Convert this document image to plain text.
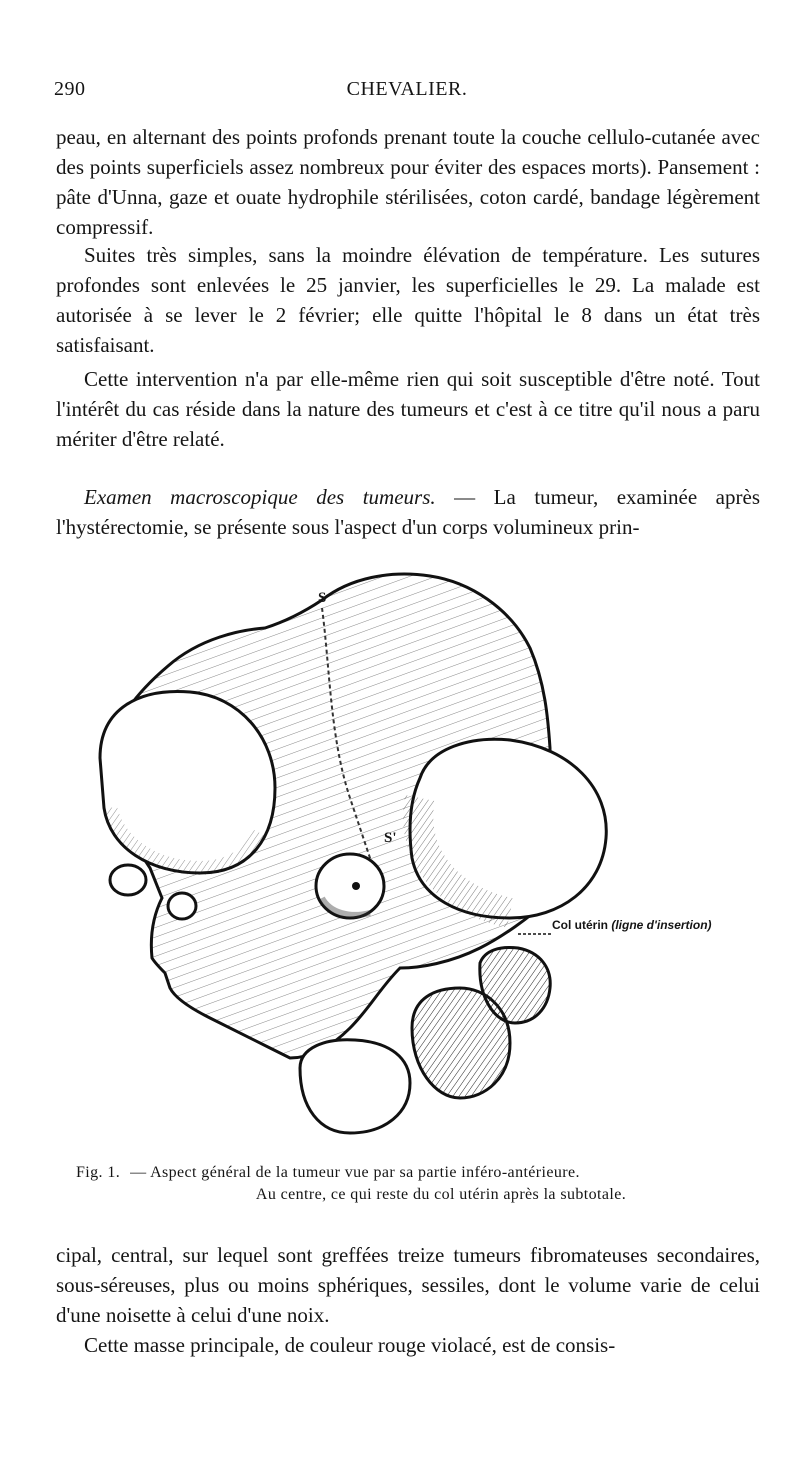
290	CHEVALIER.

peau, en alternant des points profonds prenant toute la couche cellulo-cutanée avec des points superficiels assez nombreux pour éviter des espaces morts). Pansement : pâte d'Unna, gaze et ouate hydrophile stérilisées, coton cardé, bandage légèrement compressif.

Suites très simples, sans la moindre élévation de température. Les sutures profondes sont enlevées le 25 janvier, les superficielles le 29. La malade est autorisée à se lever le 2 février; elle quitte l'hôpital le 8 dans un état très satisfaisant.

Cette intervention n'a par elle-même rien qui soit susceptible d'être noté. Tout l'intérêt du cas réside dans la nature des tumeurs et c'est à ce titre qu'il nous a paru mériter d'être relaté.

Examen macroscopique des tumeurs. — La tumeur, examinée après l'hystérectomie, se présente sous l'aspect d'un corps volumineux prin-

S
S'
Col utérin (ligne d'insertion)
Fig. 1. — Aspect général de la tumeur vue par sa partie inféro-antérieure.
Au centre, ce qui reste du col utérin après la subtotale.

cipal, central, sur lequel sont greffées treize tumeurs fibromateuses secondaires, sous-séreuses, plus ou moins sphériques, sessiles, dont le volume varie de celui d'une noisette à celui d'une noix.

Cette masse principale, de couleur rouge violacé, est de consis-
